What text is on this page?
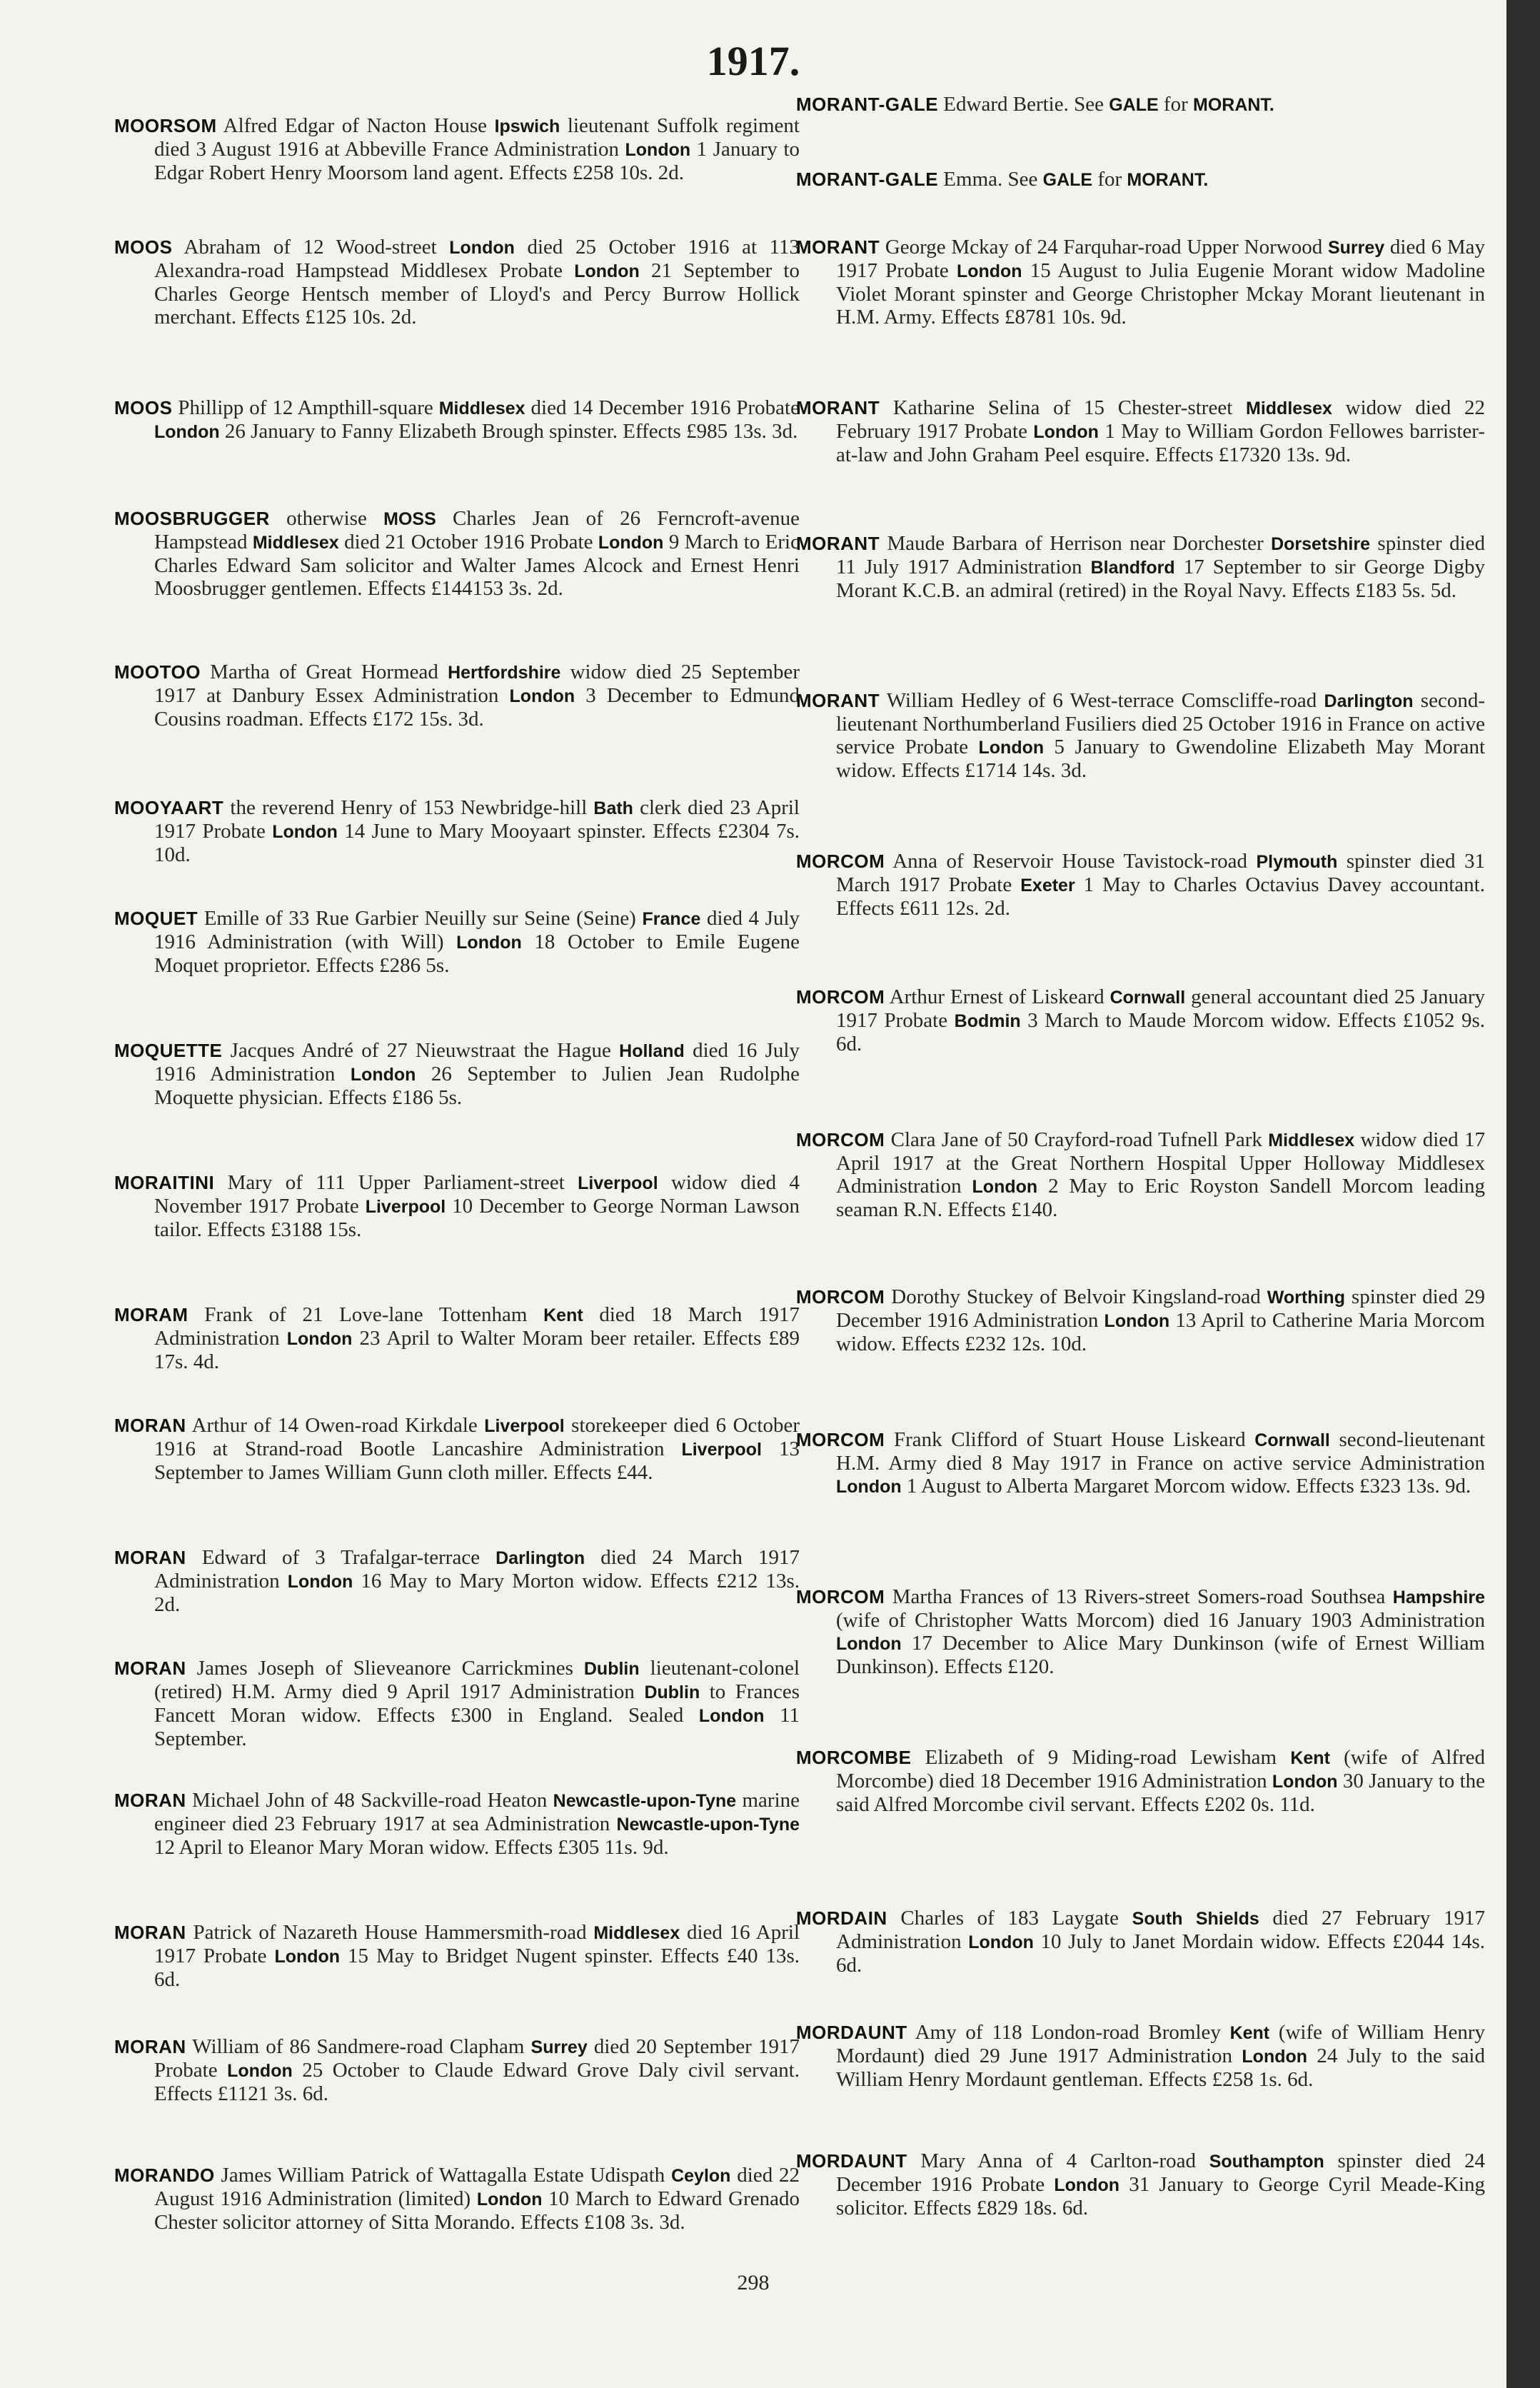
1917.
MOORSOM Alfred Edgar of Nacton House Ipswich lieutenant Suffolk regiment died 3 August 1916 at Abbeville France Administration London 1 January to Edgar Robert Henry Moorsom land agent. Effects £258 10s. 2d.
MOOS Abraham of 12 Wood-street London died 25 October 1916 at 113 Alexandra-road Hampstead Middlesex Probate London 21 September to Charles George Hentsch member of Lloyd's and Percy Burrow Hollick merchant. Effects £125 10s. 2d.
MOOS Phillipp of 12 Ampthill-square Middlesex died 14 December 1916 Probate London 26 January to Fanny Elizabeth Brough spinster. Effects £985 13s. 3d.
MOOSBRUGGER otherwise MOSS Charles Jean of 26 Ferncroft-avenue Hampstead Middlesex died 21 October 1916 Probate London 9 March to Eric Charles Edward Sam solicitor and Walter James Alcock and Ernest Henri Moosbrugger gentlemen. Effects £144153 3s. 2d.
MOOTOO Martha of Great Hormead Hertfordshire widow died 25 September 1917 at Danbury Essex Administration London 3 December to Edmund Cousins roadman. Effects £172 15s. 3d.
MOOYAART the reverend Henry of 153 Newbridge-hill Bath clerk died 23 April 1917 Probate London 14 June to Mary Mooyaart spinster. Effects £2304 7s. 10d.
MOQUET Emille of 33 Rue Garbier Neuilly sur Seine (Seine) France died 4 July 1916 Administration (with Will) London 18 October to Emile Eugene Moquet proprietor. Effects £286 5s.
MOQUETTE Jacques André of 27 Nieuwstraat the Hague Holland died 16 July 1916 Administration London 26 September to Julien Jean Rudolphe Moquette physician. Effects £186 5s.
MORAITINI Mary of 111 Upper Parliament-street Liverpool widow died 4 November 1917 Probate Liverpool 10 December to George Norman Lawson tailor. Effects £3188 15s.
MORAM Frank of 21 Love-lane Tottenham Kent died 18 March 1917 Administration London 23 April to Walter Moram beer retailer. Effects £89 17s. 4d.
MORAN Arthur of 14 Owen-road Kirkdale Liverpool storekeeper died 6 October 1916 at Strand-road Bootle Lancashire Administration Liverpool 13 September to James William Gunn cloth miller. Effects £44.
MORAN Edward of 3 Trafalgar-terrace Darlington died 24 March 1917 Administration London 16 May to Mary Morton widow. Effects £212 13s. 2d.
MORAN James Joseph of Slieveanore Carrickmines Dublin lieutenant-colonel (retired) H.M. Army died 9 April 1917 Administration Dublin to Frances Fancett Moran widow. Effects £300 in England. Sealed London 11 September.
MORAN Michael John of 48 Sackville-road Heaton Newcastle-upon-Tyne marine engineer died 23 February 1917 at sea Administration Newcastle-upon-Tyne 12 April to Eleanor Mary Moran widow. Effects £305 11s. 9d.
MORAN Patrick of Nazareth House Hammersmith-road Middlesex died 16 April 1917 Probate London 15 May to Bridget Nugent spinster. Effects £40 13s. 6d.
MORAN William of 86 Sandmere-road Clapham Surrey died 20 September 1917 Probate London 25 October to Claude Edward Grove Daly civil servant. Effects £1121 3s. 6d.
MORANDO James William Patrick of Wattagalla Estate Udispath Ceylon died 22 August 1916 Administration (limited) London 10 March to Edward Grenado Chester solicitor attorney of Sitta Morando. Effects £108 3s. 3d.
MORANT-GALE Edward Bertie. See GALE for MORANT.
MORANT-GALE Emma. See GALE for MORANT.
MORANT George Mckay of 24 Farquhar-road Upper Norwood Surrey died 6 May 1917 Probate London 15 August to Julia Eugenie Morant widow Madoline Violet Morant spinster and George Christopher Mckay Morant lieutenant in H.M. Army. Effects £8781 10s. 9d.
MORANT Katharine Selina of 15 Chester-street Middlesex widow died 22 February 1917 Probate London 1 May to William Gordon Fellowes barrister-at-law and John Graham Peel esquire. Effects £17320 13s. 9d.
MORANT Maude Barbara of Herrison near Dorchester Dorsetshire spinster died 11 July 1917 Administration Blandford 17 September to sir George Digby Morant K.C.B. an admiral (retired) in the Royal Navy. Effects £183 5s. 5d.
MORANT William Hedley of 6 West-terrace Comscliffe-road Darlington second-lieutenant Northumberland Fusiliers died 25 October 1916 in France on active service Probate London 5 January to Gwendoline Elizabeth May Morant widow. Effects £1714 14s. 3d.
MORCOM Anna of Reservoir House Tavistock-road Plymouth spinster died 31 March 1917 Probate Exeter 1 May to Charles Octavius Davey accountant. Effects £611 12s. 2d.
MORCOM Arthur Ernest of Liskeard Cornwall general accountant died 25 January 1917 Probate Bodmin 3 March to Maude Morcom widow. Effects £1052 9s. 6d.
MORCOM Clara Jane of 50 Crayford-road Tufnell Park Middlesex widow died 17 April 1917 at the Great Northern Hospital Upper Holloway Middlesex Administration London 2 May to Eric Royston Sandell Morcom leading seaman R.N. Effects £140.
MORCOM Dorothy Stuckey of Belvoir Kingsland-road Worthing spinster died 29 December 1916 Administration London 13 April to Catherine Maria Morcom widow. Effects £232 12s. 10d.
MORCOM Frank Clifford of Stuart House Liskeard Cornwall second-lieutenant H.M. Army died 8 May 1917 in France on active service Administration London 1 August to Alberta Margaret Morcom widow. Effects £323 13s. 9d.
MORCOM Martha Frances of 13 Rivers-street Somers-road Southsea Hampshire (wife of Christopher Watts Morcom) died 16 January 1903 Administration London 17 December to Alice Mary Dunkinson (wife of Ernest William Dunkinson). Effects £120.
MORCOMBE Elizabeth of 9 Miding-road Lewisham Kent (wife of Alfred Morcombe) died 18 December 1916 Administration London 30 January to the said Alfred Morcombe civil servant. Effects £202 0s. 11d.
MORDAIN Charles of 183 Laygate South Shields died 27 February 1917 Administration London 10 July to Janet Mordain widow. Effects £2044 14s. 6d.
MORDAUNT Amy of 118 London-road Bromley Kent (wife of William Henry Mordaunt) died 29 June 1917 Administration London 24 July to the said William Henry Mordaunt gentleman. Effects £258 1s. 6d.
MORDAUNT Mary Anna of 4 Carlton-road Southampton spinster died 24 December 1916 Probate London 31 January to George Cyril Meade-King solicitor. Effects £829 18s. 6d.
298
